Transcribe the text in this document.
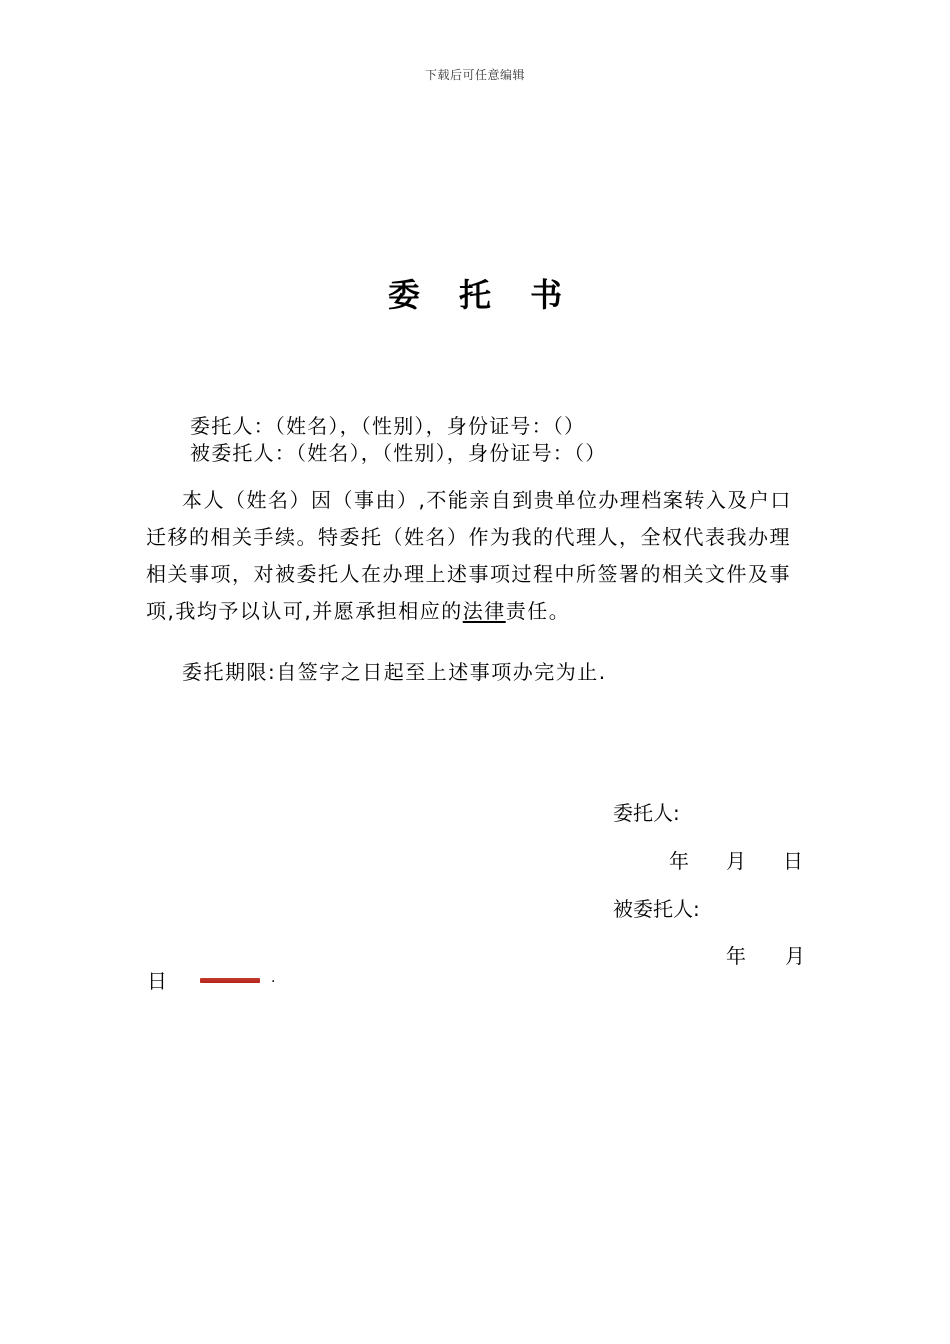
下载后可任意编辑
委 托 书
委托人：（姓名），（性别），身份证号：（）
被委托人：（姓名），（性别），身份证号：（）
本人（姓名）因（事由）,不能亲自到贵单位办理档案转入及户口迁移的相关手续。特委托（姓名）作为我的代理人，全权代表我办理相关事项，对被委托人在办理上述事项过程中所签署的相关文件及事项,我均予以认可,并愿承担相应的法律责任。
委托期限:自签字之日起至上述事项办完为止.
委托人:
年 月 日
被委托人:
年 月
日	.
